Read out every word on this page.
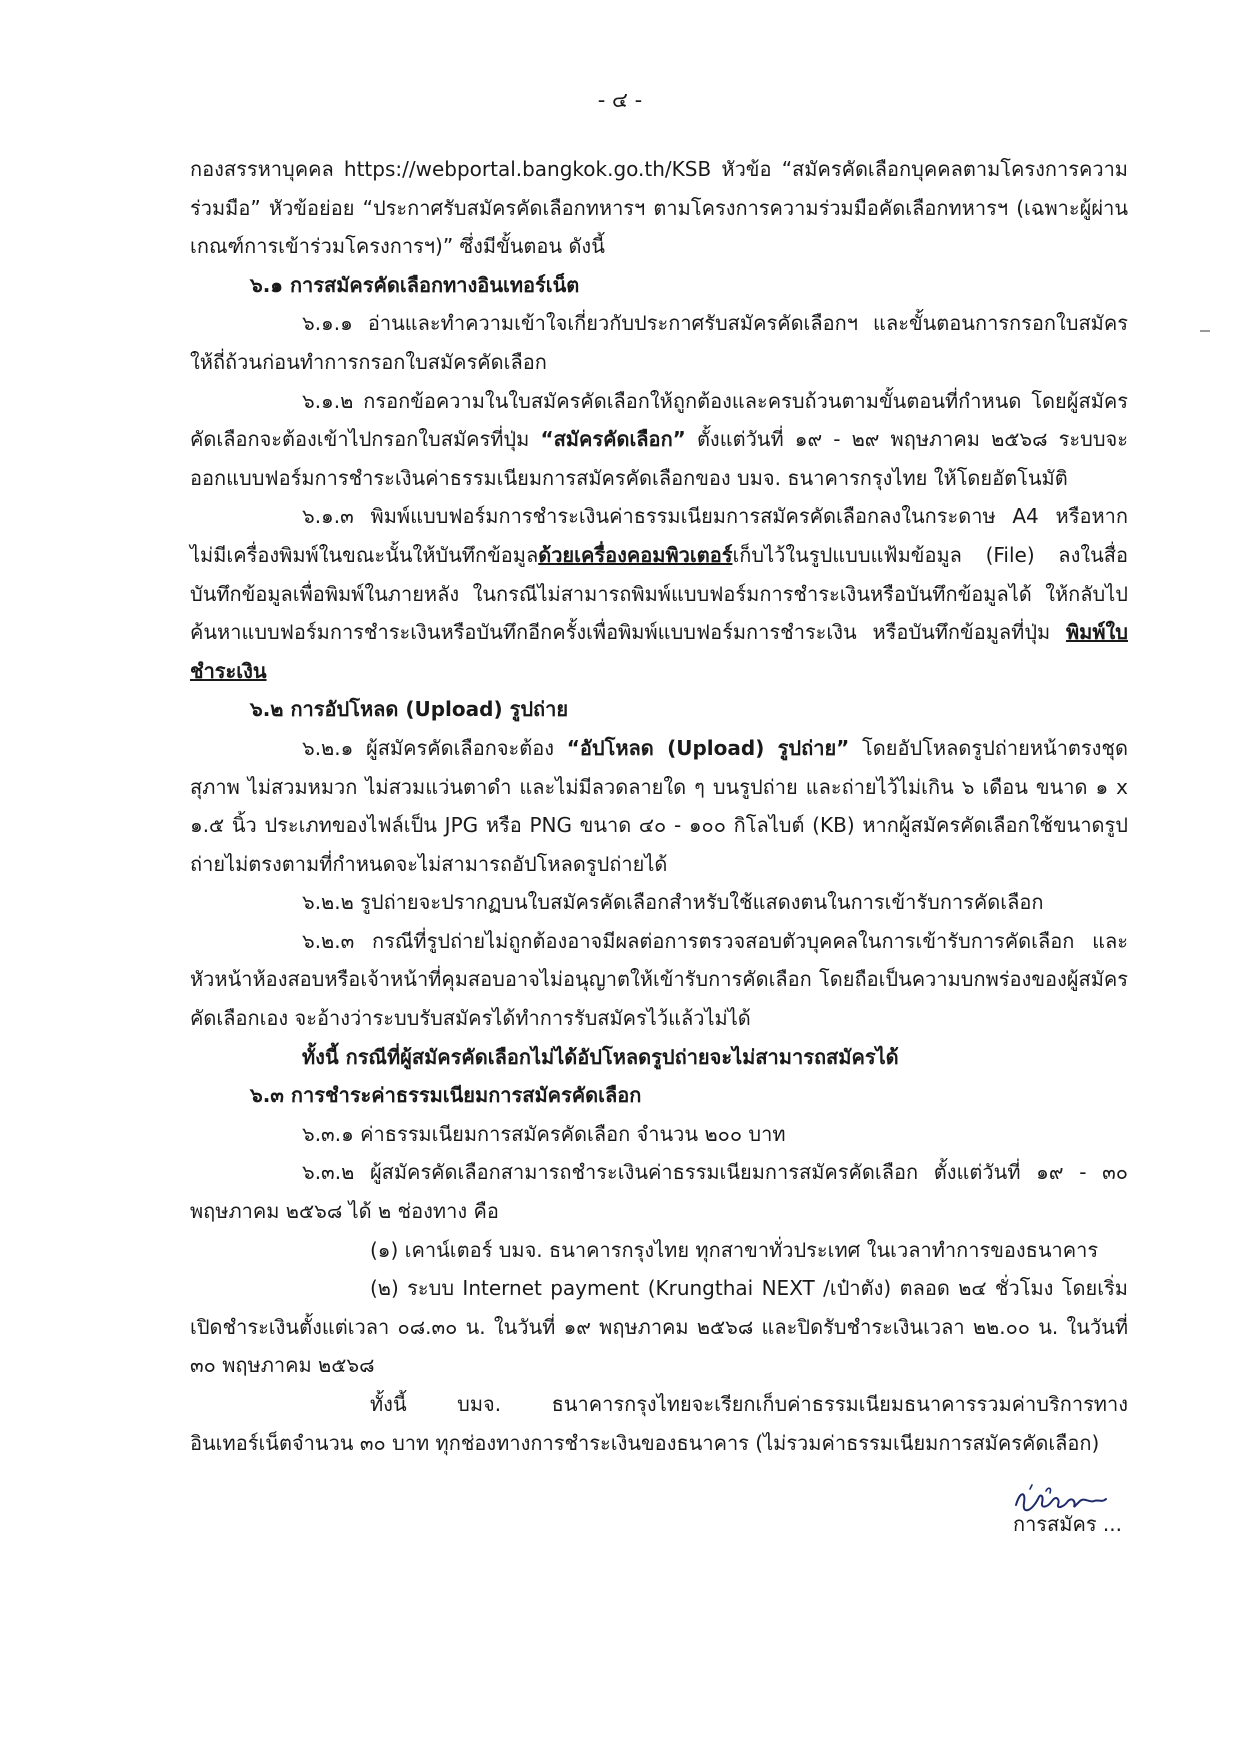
- ๔ -

กองสรรหาบุคคล https://webportal.bangkok.go.th/KSB หัวข้อ “สมัครคัดเลือกบุคคลตามโครงการความร่วมมือ” หัวข้อย่อย “ประกาศรับสมัครคัดเลือกทหารฯ ตามโครงการความร่วมมือคัดเลือกทหารฯ (เฉพาะผู้ผ่านเกณฑ์การเข้าร่วมโครงการฯ)” ซึ่งมีขั้นตอน ดังนี้

๖.๑ การสมัครคัดเลือกทางอินเทอร์เน็ต

๖.๑.๑ อ่านและทำความเข้าใจเกี่ยวกับประกาศรับสมัครคัดเลือกฯ และขั้นตอนการกรอกใบสมัครให้ถี่ถ้วนก่อนทำการกรอกใบสมัครคัดเลือก

๖.๑.๒ กรอกข้อความในใบสมัครคัดเลือกให้ถูกต้องและครบถ้วนตามขั้นตอนที่กำหนด โดยผู้สมัครคัดเลือกจะต้องเข้าไปกรอกใบสมัครที่ปุ่ม “สมัครคัดเลือก” ตั้งแต่วันที่ ๑๙ - ๒๙ พฤษภาคม ๒๕๖๘ ระบบจะออกแบบฟอร์มการชำระเงินค่าธรรมเนียมการสมัครคัดเลือกของ บมจ. ธนาคารกรุงไทย ให้โดยอัตโนมัติ

๖.๑.๓ พิมพ์แบบฟอร์มการชำระเงินค่าธรรมเนียมการสมัครคัดเลือกลงในกระดาษ A4 หรือหากไม่มีเครื่องพิมพ์ในขณะนั้นให้บันทึกข้อมูลด้วยเครื่องคอมพิวเตอร์เก็บไว้ในรูปแบบแฟ้มข้อมูล (File) ลงในสื่อบันทึกข้อมูลเพื่อพิมพ์ในภายหลัง ในกรณีไม่สามารถพิมพ์แบบฟอร์มการชำระเงินหรือบันทึกข้อมูลได้ ให้กลับไปค้นหาแบบฟอร์มการชำระเงินหรือบันทึกอีกครั้งเพื่อพิมพ์แบบฟอร์มการชำระเงิน หรือบันทึกข้อมูลที่ปุ่ม พิมพ์ใบชำระเงิน

๖.๒ การอัปโหลด (Upload) รูปถ่าย

๖.๒.๑ ผู้สมัครคัดเลือกจะต้อง “อัปโหลด (Upload) รูปถ่าย” โดยอัปโหลดรูปถ่ายหน้าตรงชุดสุภาพ ไม่สวมหมวก ไม่สวมแว่นตาดำ และไม่มีลวดลายใด ๆ บนรูปถ่าย และถ่ายไว้ไม่เกิน ๖ เดือน ขนาด ๑ x ๑.๕ นิ้ว ประเภทของไฟล์เป็น JPG หรือ PNG ขนาด ๔๐ - ๑๐๐ กิโลไบต์ (KB) หากผู้สมัครคัดเลือกใช้ขนาดรูปถ่ายไม่ตรงตามที่กำหนดจะไม่สามารถอัปโหลดรูปถ่ายได้

๖.๒.๒ รูปถ่ายจะปรากฏบนใบสมัครคัดเลือกสำหรับใช้แสดงตนในการเข้ารับการคัดเลือก

๖.๒.๓ กรณีที่รูปถ่ายไม่ถูกต้องอาจมีผลต่อการตรวจสอบตัวบุคคลในการเข้ารับการคัดเลือก และหัวหน้าห้องสอบหรือเจ้าหน้าที่คุมสอบอาจไม่อนุญาตให้เข้ารับการคัดเลือก โดยถือเป็นความบกพร่องของผู้สมัครคัดเลือกเอง จะอ้างว่าระบบรับสมัครได้ทำการรับสมัครไว้แล้วไม่ได้

ทั้งนี้ กรณีที่ผู้สมัครคัดเลือกไม่ได้อัปโหลดรูปถ่ายจะไม่สามารถสมัครได้

๖.๓ การชำระค่าธรรมเนียมการสมัครคัดเลือก

๖.๓.๑ ค่าธรรมเนียมการสมัครคัดเลือก จำนวน ๒๐๐ บาท

๖.๓.๒ ผู้สมัครคัดเลือกสามารถชำระเงินค่าธรรมเนียมการสมัครคัดเลือก ตั้งแต่วันที่ ๑๙ - ๓๐ พฤษภาคม ๒๕๖๘ ได้ ๒ ช่องทาง คือ

(๑) เคาน์เตอร์ บมจ. ธนาคารกรุงไทย ทุกสาขาทั่วประเทศ ในเวลาทำการของธนาคาร

(๒) ระบบ Internet payment (Krungthai NEXT /เป๋าตัง) ตลอด ๒๔ ชั่วโมง โดยเริ่มเปิดชำระเงินตั้งแต่เวลา ๐๘.๓๐ น. ในวันที่ ๑๙ พฤษภาคม ๒๕๖๘ และปิดรับชำระเงินเวลา ๒๒.๐๐ น. ในวันที่ ๓๐ พฤษภาคม ๒๕๖๘

ทั้งนี้ บมจ. ธนาคารกรุงไทยจะเรียกเก็บค่าธรรมเนียมธนาคารรวมค่าบริการทางอินเทอร์เน็ตจำนวน ๓๐ บาท ทุกช่องทางการชำระเงินของธนาคาร (ไม่รวมค่าธรรมเนียมการสมัครคัดเลือก)

การสมัคร ...
